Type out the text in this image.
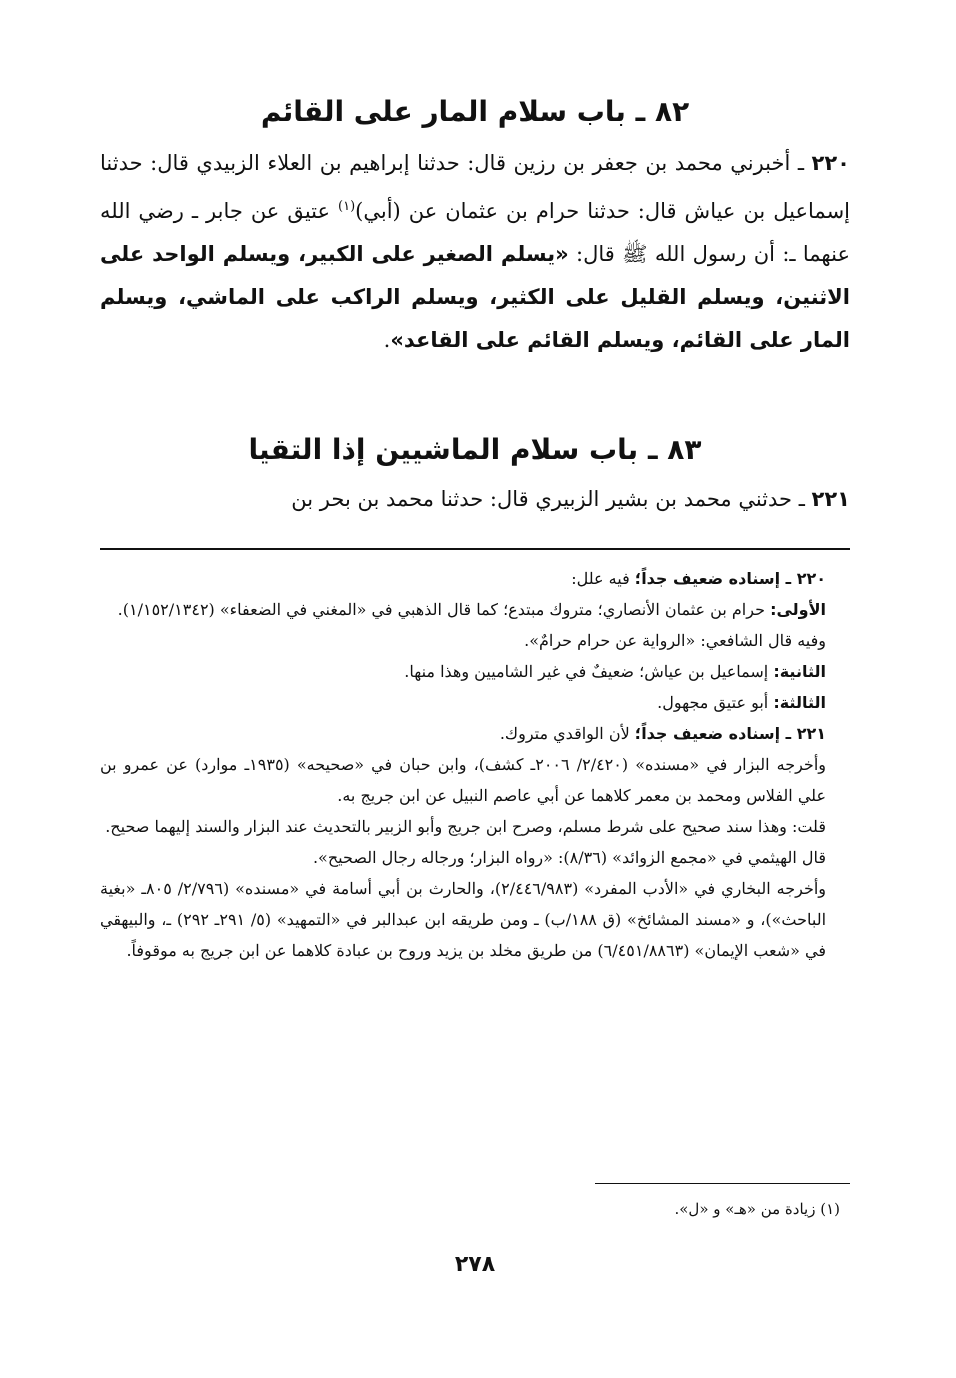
٨٢ ـ باب سلام المار على القائم

٢٢٠ ـ أخبرني محمد بن جعفر بن رزين قال: حدثنا إبراهيم بن العلاء الزبيدي قال: حدثنا إسماعيل بن عياش قال: حدثنا حرام بن عثمان عن (أبي)$^{(١)}$ عتيق عن جابر ـ رضي الله عنهما ـ: أن رسول الله ﷺ قال: «يسلم الصغير على الكبير، ويسلم الواحد على الاثنين، ويسلم القليل على الكثير، ويسلم الراكب على الماشي، ويسلم المار على القائم، ويسلم القائم على القاعد».

٨٣ ـ باب سلام الماشيين إذا التقيا

٢٢١ ـ حدثني محمد بن بشير الزبيري قال: حدثنا محمد بن بحر بن

٢٢٠ ـ إسناده ضعيف جداً؛ فيه علل:

الأولى: حرام بن عثمان الأنصاري؛ متروك مبتدع؛ كما قال الذهبي في «المغني في الضعفاء» (١/١٥٢/١٣٤٢).

وفيه قال الشافعي: «الرواية عن حرام حرامٌ».

الثانية: إسماعيل بن عياش؛ ضعيفٌ في غير الشاميين وهذا منها.

الثالثة: أبو عتيق مجهول.

٢٢١ ـ إسناده ضعيف جداً؛ لأن الواقدي متروك.

وأخرجه البزار في «مسنده» (٢/٤٢٠/ ٢٠٠٦ـ كشف)، وابن حبان في «صحيحه» (١٩٣٥ـ موارد) عن عمرو بن علي الفلاس ومحمد بن معمر كلاهما عن أبي عاصم النبيل عن ابن جريج به.

قلت: وهذا سند صحيح على شرط مسلم، وصرح ابن جريج وأبو الزبير بالتحديث عند البزار والسند إليهما صحيح.

قال الهيثمي في «مجمع الزوائد» (٨/٣٦): «رواه البزار؛ ورجاله رجال الصحيح».

وأخرجه البخاري في «الأدب المفرد» (٢/٤٤٦/٩٨٣)، والحارث بن أبي أسامة في «مسنده» (٢/٧٩٦/ ٨٠٥ـ «بغية الباحث»)، و «مسند المشائخ» (ق ١٨٨/ب) ـ ومن طريقه ابن عبدالبر في «التمهيد» (٥/ ٢٩١ـ ٢٩٢) ـ، والبيهقي في «شعب الإيمان» (٦/٤٥١/٨٨٦٣) من طريق مخلد بن يزيد وروح بن عبادة كلاهما عن ابن جريج به موقوفاً.

(١) زيادة من «هـ» و «ل».

٢٧٨
